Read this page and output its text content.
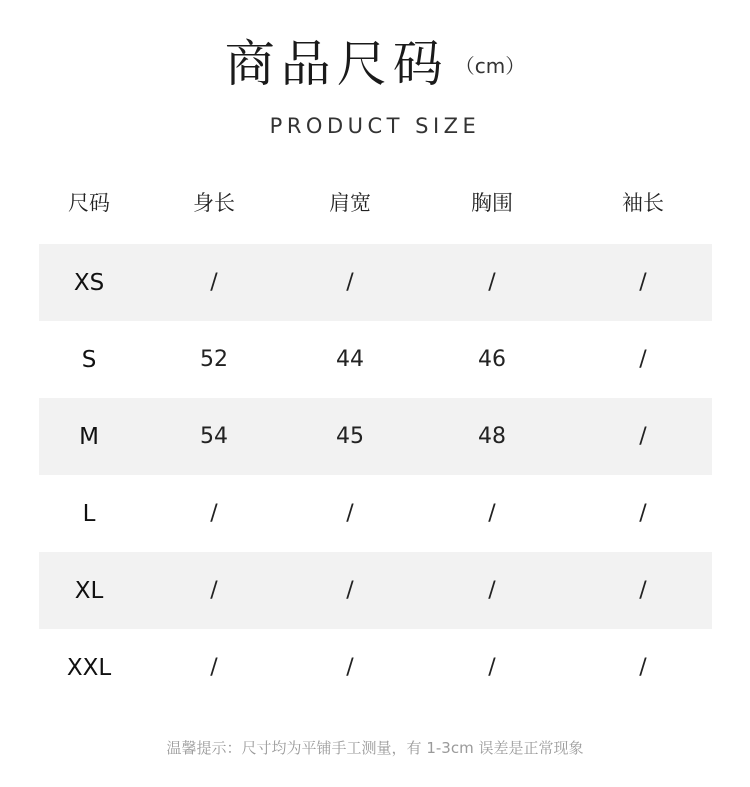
商品尺码 （cm）
PRODUCT SIZE
尺码	身长	肩宽	胸围	袖长
XS	/	/	/	/
S	52	44	46	/
M	54	45	48	/
L	/	/	/	/
XL	/	/	/	/
XXL	/	/	/	/
温馨提示：尺寸均为平铺手工测量，有 1-3cm 误差是正常现象
